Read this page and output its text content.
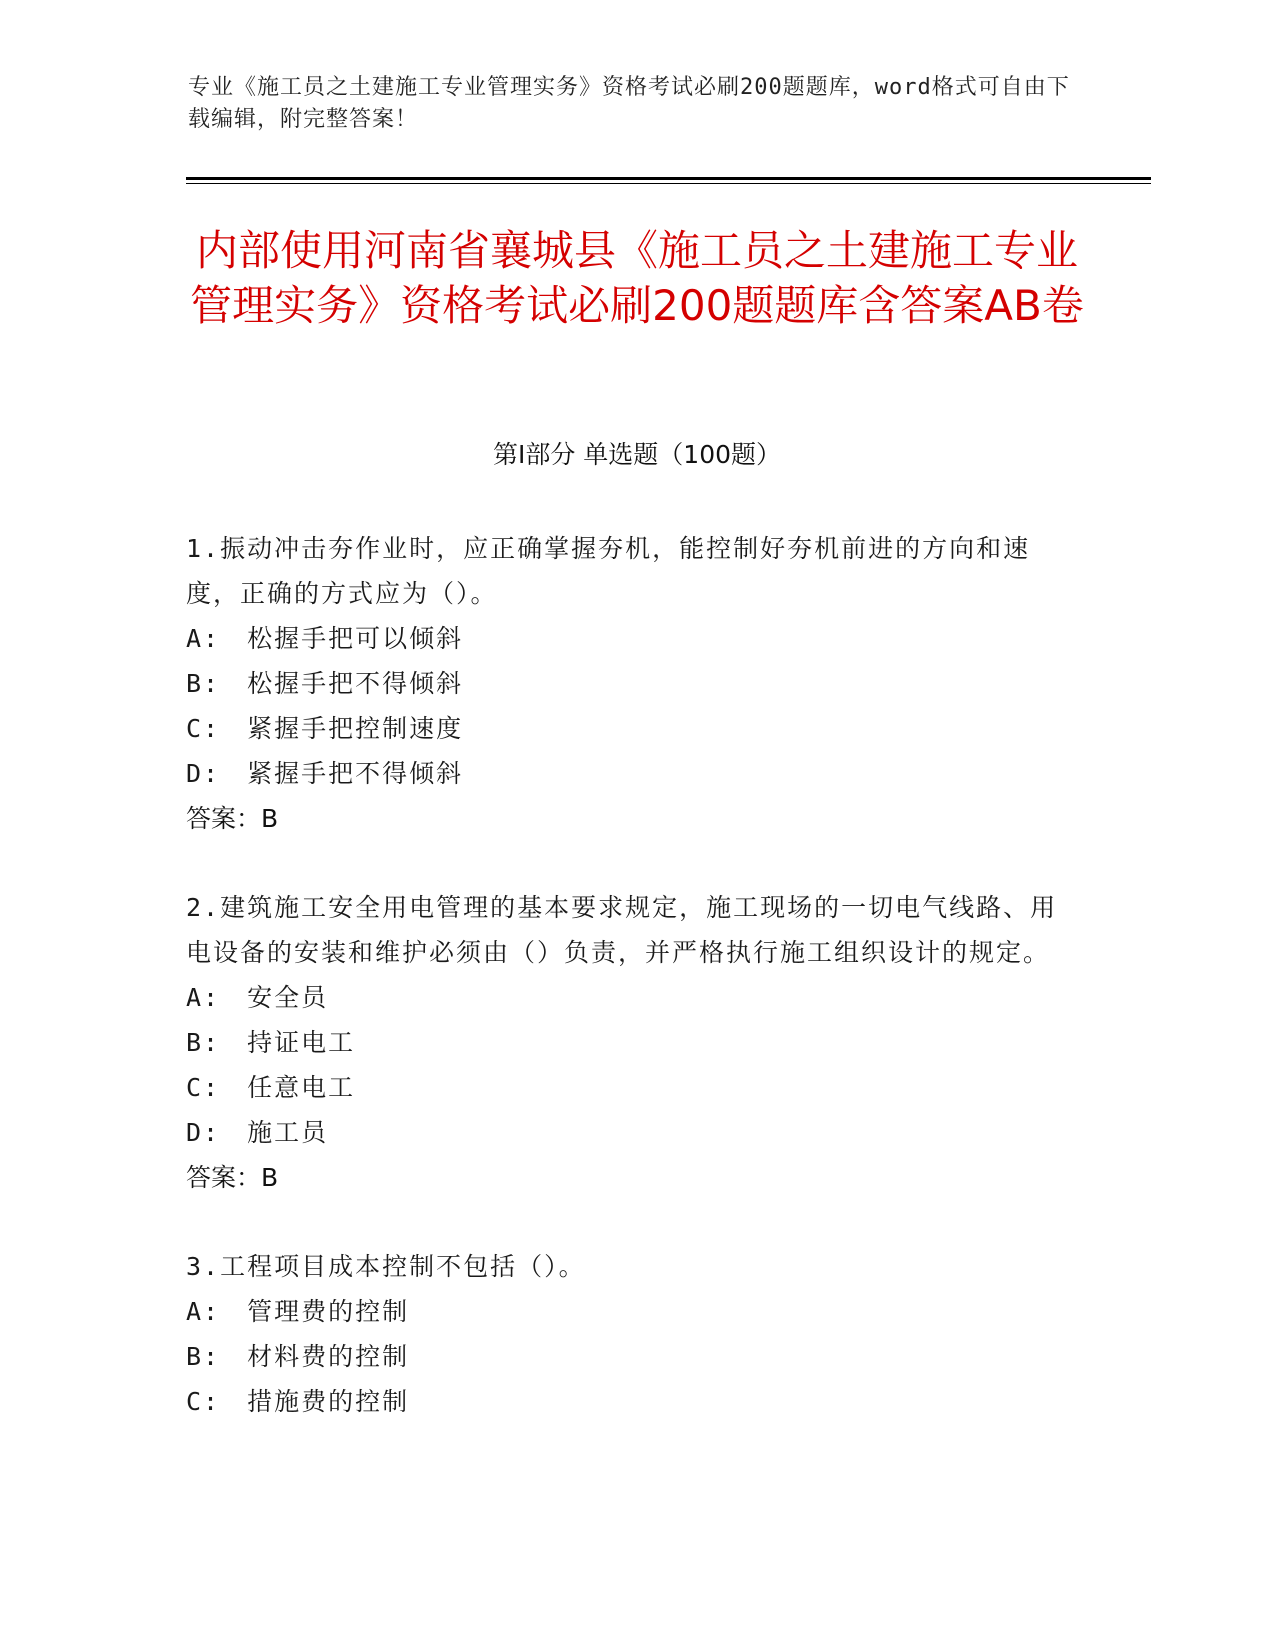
专业《施工员之土建施工专业管理实务》资格考试必刷200题题库，word格式可自由下载编辑，附完整答案！
内部使用河南省襄城县《施工员之土建施工专业管理实务》资格考试必刷200题题库含答案AB卷
第I部分 单选题（100题）
1.振动冲击夯作业时，应正确掌握夯机，能控制好夯机前进的方向和速度，正确的方式应为（）。
A:　松握手把可以倾斜
B:　松握手把不得倾斜
C:　紧握手把控制速度
D:　紧握手把不得倾斜
答案：B
2.建筑施工安全用电管理的基本要求规定，施工现场的一切电气线路、用电设备的安装和维护必须由（）负责，并严格执行施工组织设计的规定。
A:　安全员
B:　持证电工
C:　任意电工
D:　施工员
答案：B
3.工程项目成本控制不包括（）。
A:　管理费的控制
B:　材料费的控制
C:　措施费的控制
